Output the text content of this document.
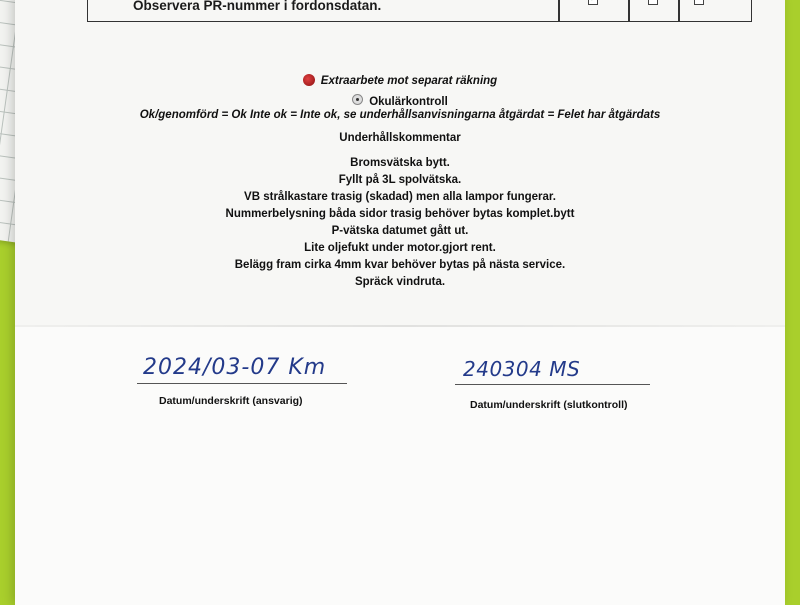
Observera PR-nummer i fordonsdatan.
✓
Extraarbete mot separat räkning
Okulärkontroll
Ok/genomförd = Ok Inte ok = Inte ok, se underhållsanvisningarna åtgärdat = Felet har åtgärdats
Underhållskommentar
Bromsvätska bytt.
Fyllt på 3L spolvätska.
VB strålkastare trasig (skadad) men alla lampor fungerar.
Nummerbelysning båda sidor trasig behöver bytas komplet.bytt
P-vätska datumet gått ut.
Lite oljefukt under motor.gjort rent.
Belägg fram cirka 4mm kvar behöver bytas på nästa service.
Spräck vindruta.
2024/03-07 Km
Datum/underskrift (ansvarig)
240304 MS
Datum/underskrift (slutkontroll)
